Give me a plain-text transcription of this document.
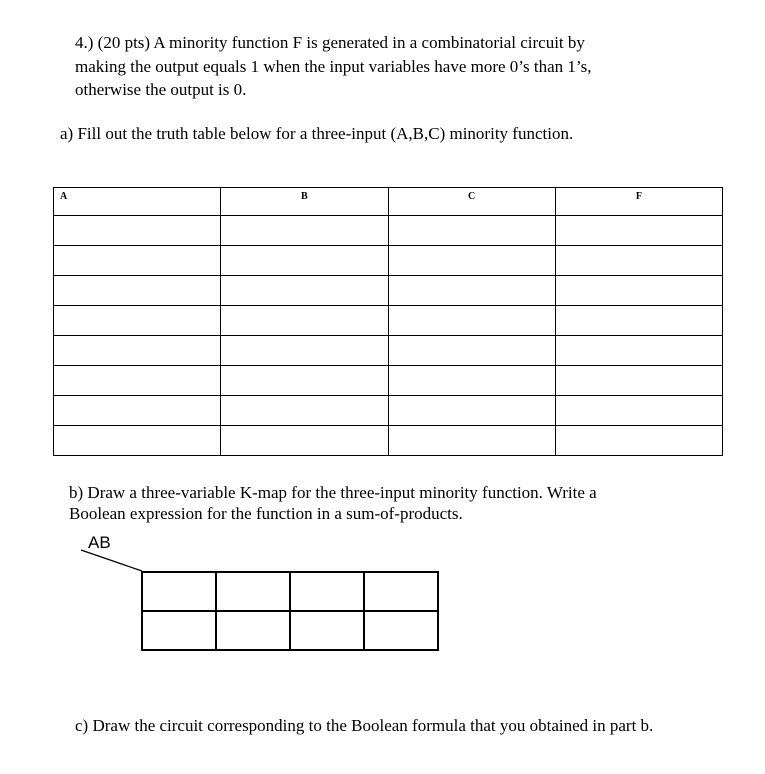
4.) (20 pts) A minority function F is generated in a combinatorial circuit by

making the output equals 1 when the input variables have more 0’s than 1’s,

otherwise the output is 0.

a) Fill out the truth table below for a three-input (A,B,C) minority function.
A	B	C	F

b) Draw a three-variable K-map for the three-input minority function. Write a
Boolean expression for the function in a sum-of-products.
AB

c) Draw the circuit corresponding to the Boolean formula that you obtained in part b.
